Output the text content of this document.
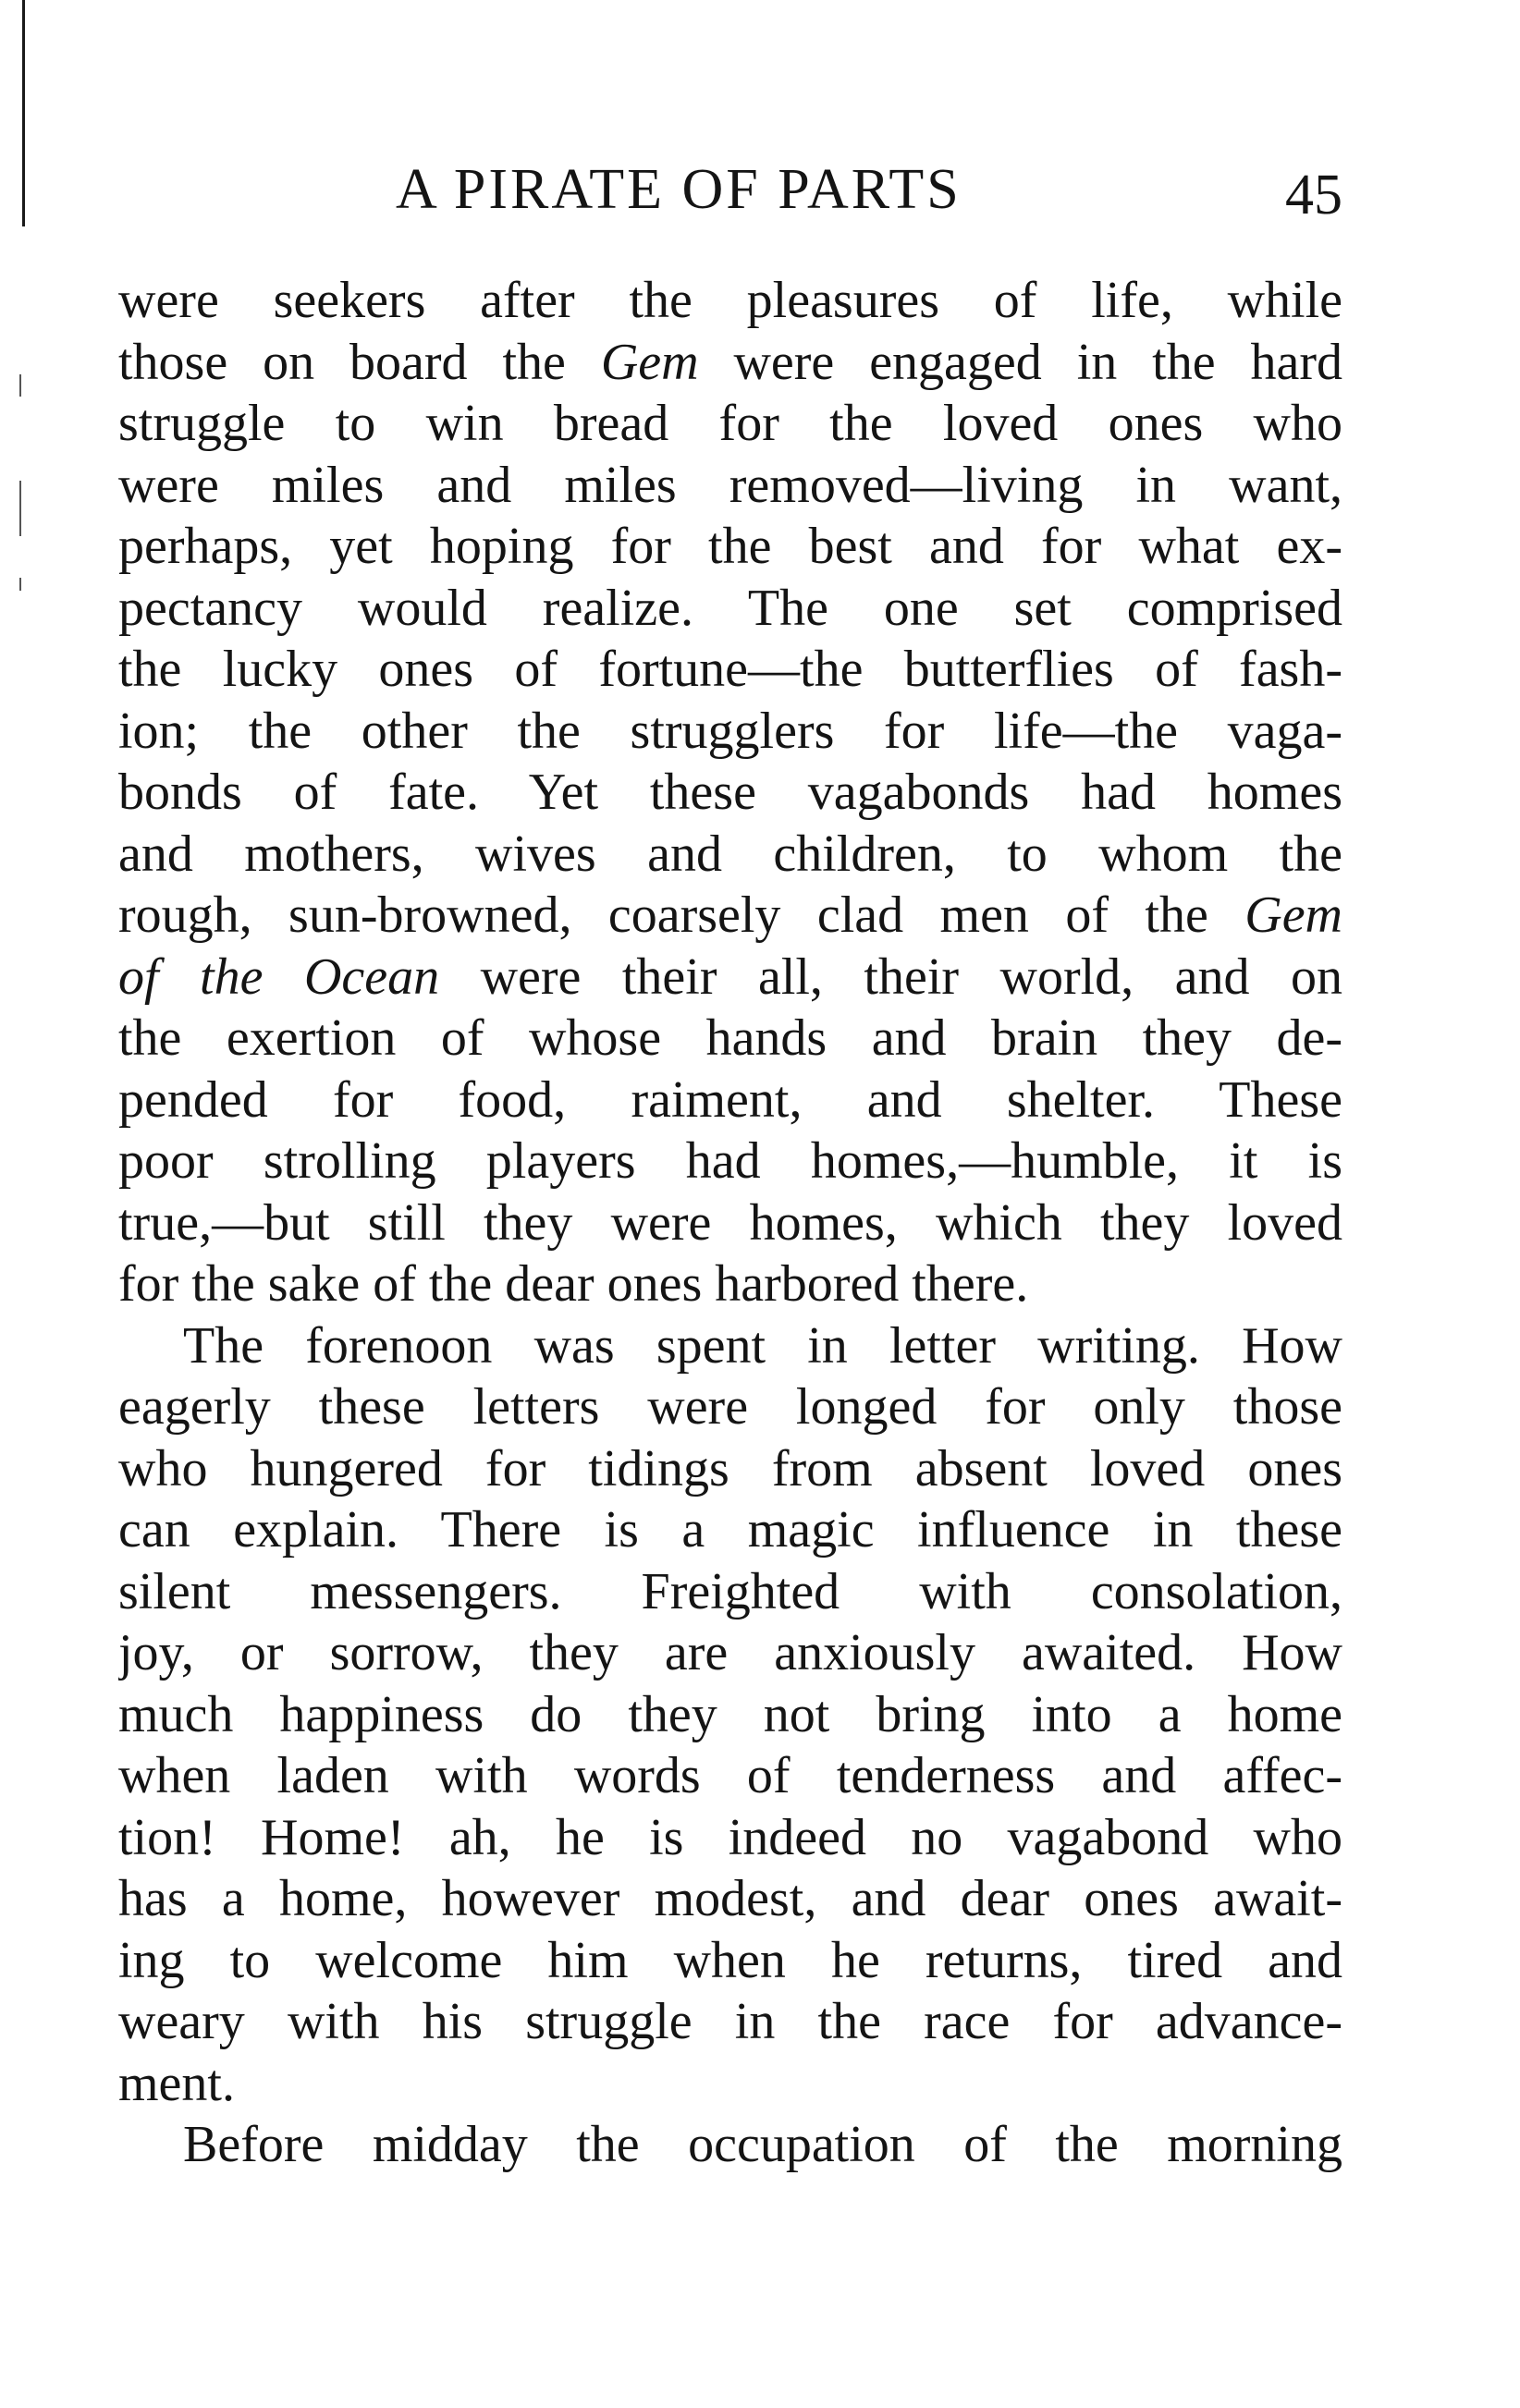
A PIRATE OF PARTS	45
were seekers after the pleasures of life, while
those on board the Gem were engaged in the hard
struggle to win bread for the loved ones who
were miles and miles removed—living in want,
perhaps, yet hoping for the best and for what ex-
pectancy would realize. The one set comprised
the lucky ones of fortune—the butterflies of fash-
ion; the other the strugglers for life—the vaga-
bonds of fate. Yet these vagabonds had homes
and mothers, wives and children, to whom the
rough, sun-browned, coarsely clad men of the Gem
of the Ocean were their all, their world, and on
the exertion of whose hands and brain they de-
pended for food, raiment, and shelter. These
poor strolling players had homes,—humble, it is
true,—but still they were homes, which they loved
for the sake of the dear ones harbored there.
The forenoon was spent in letter writing. How
eagerly these letters were longed for only those
who hungered for tidings from absent loved ones
can explain. There is a magic influence in these
silent messengers. Freighted with consolation,
joy, or sorrow, they are anxiously awaited. How
much happiness do they not bring into a home
when laden with words of tenderness and affec-
tion! Home! ah, he is indeed no vagabond who
has a home, however modest, and dear ones await-
ing to welcome him when he returns, tired and
weary with his struggle in the race for advance-
ment.
Before midday the occupation of the morning
